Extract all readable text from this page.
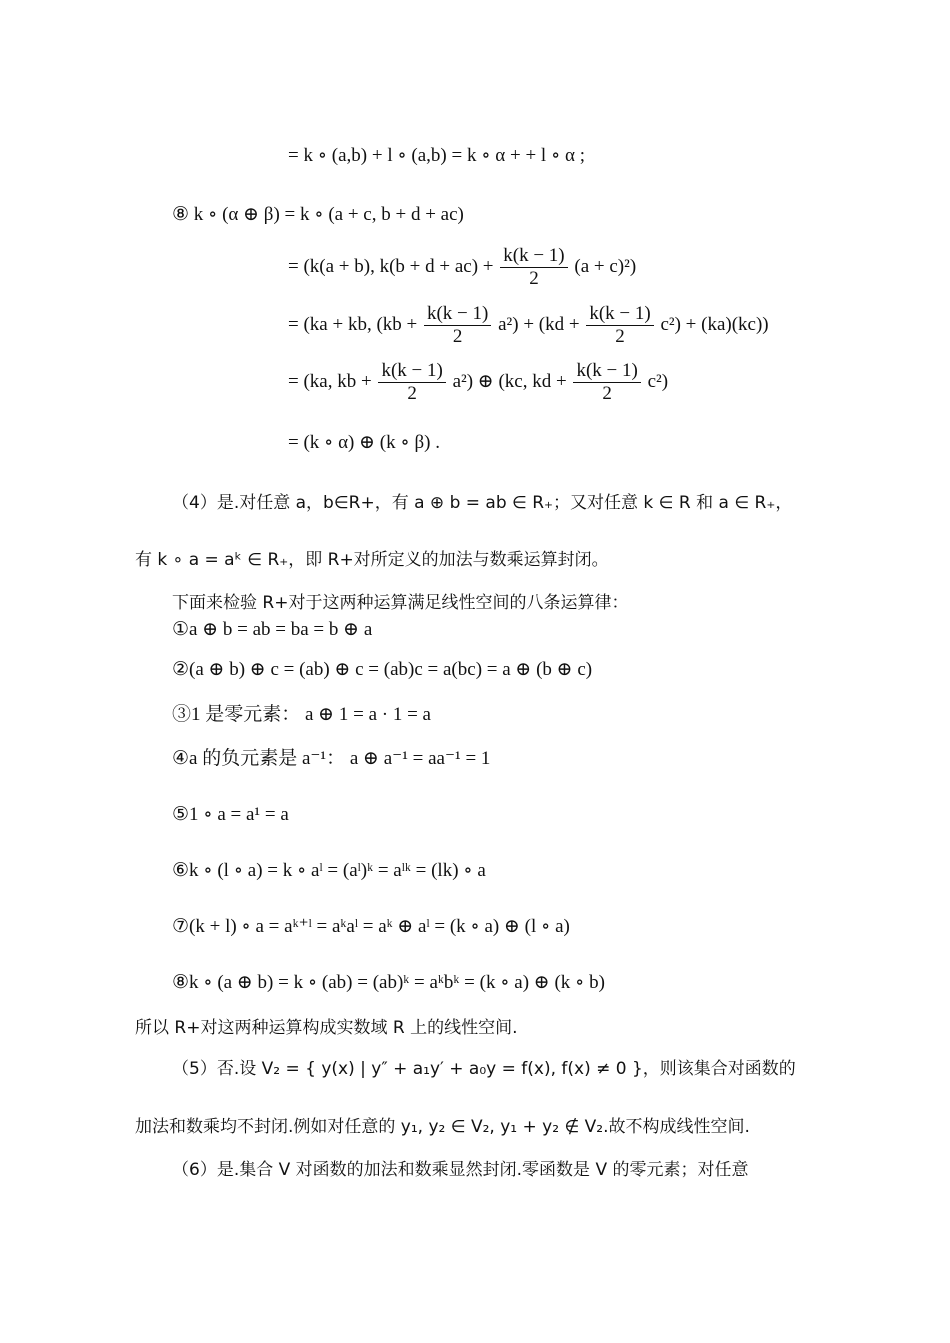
= k ∘ (a,b) + l ∘ (a,b) = k ∘ α + + l ∘ α ;
⑧ k ∘ (α ⊕ β) = k ∘ (a + c, b + d + ac)
= (k(a + b), $k(b + d + ac) + \frac{k(k - 1)}{2} (a + c)^2$)
= (ka + kb, $(kb + \frac{k(k - 1)}{2} a^2) + (kd + \frac{k(k - 1)}{2} c^2) + (ka)(kc)$)
= (ka, kb + $\frac{k(k - 1)}{2} a^2$) ⊕ (kc, kd + $\frac{k(k - 1)}{2} c^2$)
= (k ∘ α) ⊕ (k ∘ β) .
（4）是.对任意 a，b∈R+，有 a ⊕ b = ab ∈ R₊；又对任意 k ∈ R 和 a ∈ R₊，
有 k ∘ a = aᵏ ∈ R₊，即 R+对所定义的加法与数乘运算封闭。
下面来检验 R+对于这两种运算满足线性空间的八条运算律：
①a ⊕ b = ab = ba = b ⊕ a
②(a ⊕ b) ⊕ c = (ab) ⊕ c = (ab)c = a(bc) = a ⊕ (b ⊕ c)
③1 是零元素： a ⊕ 1 = a · 1 = a
④a 的负元素是 a⁻¹： a ⊕ a⁻¹ = aa⁻¹ = 1
⑤1 ∘ a = a¹ = a
⑥k ∘ (l ∘ a) = k ∘ aˡ = (aˡ)ᵏ = aˡᵏ = (lk) ∘ a
⑦(k + l) ∘ a = aᵏ⁺ˡ = aᵏaˡ = aᵏ ⊕ aˡ = (k ∘ a) ⊕ (l ∘ a)
⑧k ∘ (a ⊕ b) = k ∘ (ab) = (ab)ᵏ = aᵏbᵏ = (k ∘ a) ⊕ (k ∘ b)
所以 R+对这两种运算构成实数域 R 上的线性空间.
（5）否.设 V₂ = { y(x) | y″ + a₁y′ + a₀y = f(x), f(x) ≠ 0 }，则该集合对函数的
加法和数乘均不封闭.例如对任意的 y₁, y₂ ∈ V₂, y₁ + y₂ ∉ V₂.故不构成线性空间.
（6）是.集合 V 对函数的加法和数乘显然封闭.零函数是 V 的零元素；对任意
